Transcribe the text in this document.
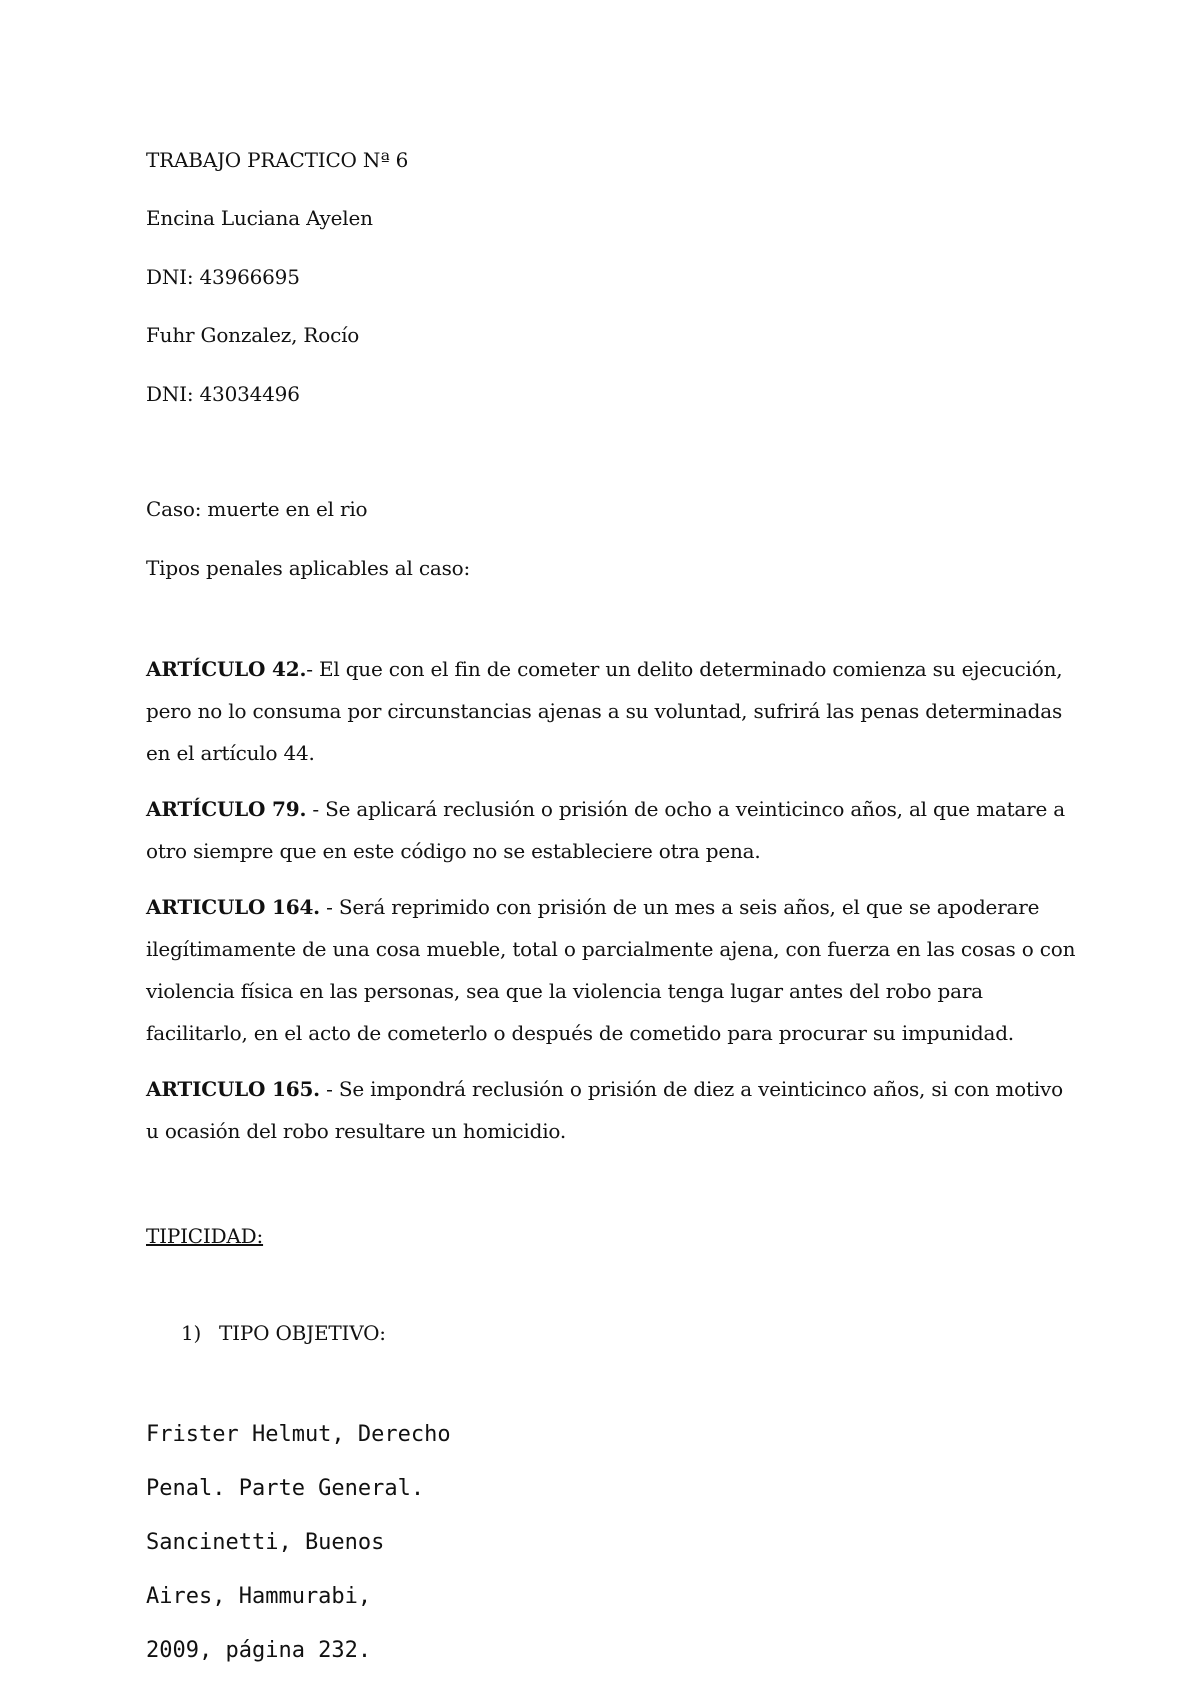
TRABAJO PRACTICO Nª 6
Encina Luciana Ayelen
DNI: 43966695
Fuhr Gonzalez, Rocío
DNI: 43034496
Caso: muerte en el rio
Tipos penales aplicables al caso:

ARTÍCULO 42.- El que con el fin de cometer un delito determinado comienza su ejecución, pero no lo consuma por circunstancias ajenas a su voluntad, sufrirá las penas determinadas en el artículo 44.

ARTÍCULO 79. - Se aplicará reclusión o prisión de ocho a veinticinco años, al que matare a otro siempre que en este código no se estableciere otra pena.

ARTICULO 164. - Será reprimido con prisión de un mes a seis años, el que se apoderare ilegítimamente de una cosa mueble, total o parcialmente ajena, con fuerza en las cosas o con violencia física en las personas, sea que la violencia tenga lugar antes del robo para facilitarlo, en el acto de cometerlo o después de cometido para procurar su impunidad.

ARTICULO 165. - Se impondrá reclusión o prisión de diez a veinticinco años, si con motivo u ocasión del robo resultare un homicidio.

TIPICIDAD:
1) TIPO OBJETIVO:

Frister Helmut, Derecho

Penal. Parte General.

Sancinetti, Buenos

Aires, Hammurabi,

2009, página 232.
